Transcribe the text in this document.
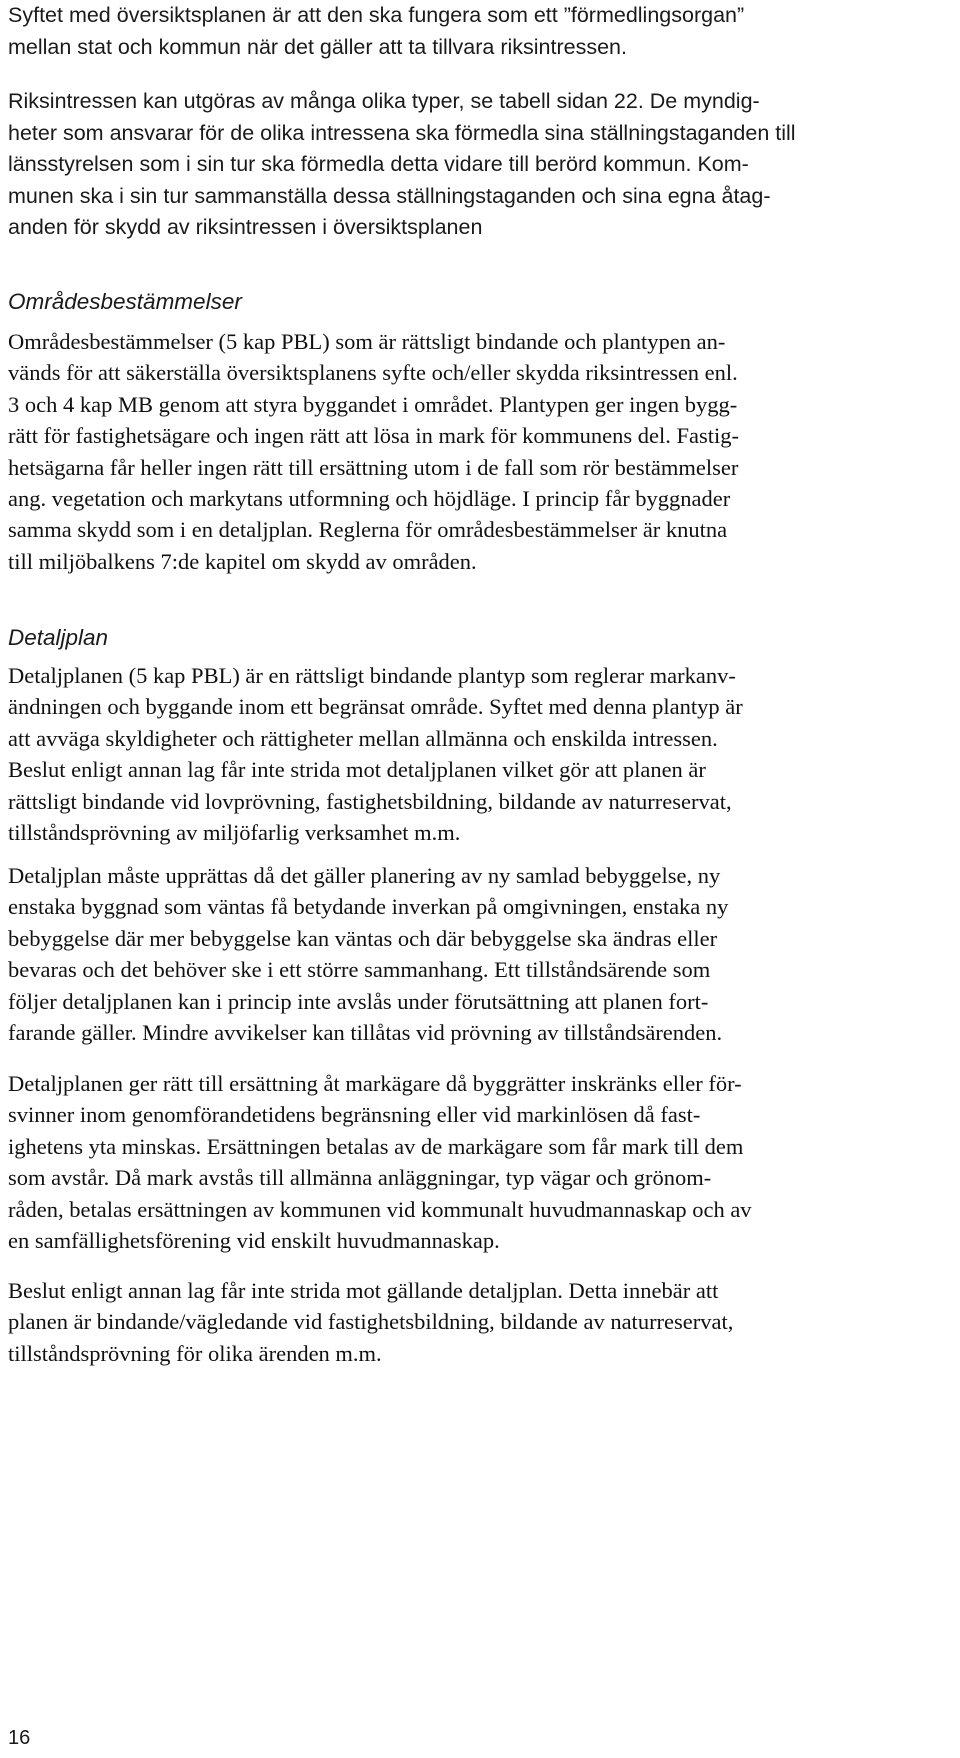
Syftet med översiktsplanen är att den ska fungera som ett ”förmedlingsorgan”
mellan stat och kommun när det gäller att ta tillvara riksintressen.
Riksintressen kan utgöras av många olika typer, se tabell sidan 22. De myndig-
heter som ansvarar för de olika intressena ska förmedla sina ställningstaganden till
länsstyrelsen som i sin tur ska förmedla detta vidare till berörd kommun. Kom-
munen ska i sin tur sammanställa dessa ställningstaganden och sina egna åtag-
anden för skydd av riksintressen i översiktsplanen
Områdesbestämmelser
Områdesbestämmelser (5 kap PBL) som är rättsligt bindande och plantypen an-
vänds för att säkerställa översiktsplanens syfte och/eller skydda riksintressen enl.
3 och 4 kap MB genom att styra byggandet i området. Plantypen ger ingen bygg-
rätt för fastighetsägare och ingen rätt att lösa in mark för kommunens del. Fastig-
hetsägarna får heller ingen rätt till ersättning utom i de fall som rör bestämmelser
ang. vegetation och markytans utformning och höjdläge. I princip får byggnader
samma skydd som i en detaljplan. Reglerna för områdesbestämmelser är knutna
till miljöbalkens 7:de kapitel om skydd av områden.
Detaljplan
Detaljplanen (5 kap PBL) är en rättsligt bindande plantyp som reglerar markanv-
ändningen och byggande inom ett begränsat område. Syftet med denna plantyp är
att avväga skyldigheter och rättigheter mellan allmänna och enskilda intressen.
Beslut enligt annan lag får inte strida mot detaljplanen vilket gör att planen är
rättsligt bindande vid lovprövning, fastighetsbildning, bildande av naturreservat,
tillståndsprövning av miljöfarlig verksamhet m.m.
Detaljplan måste upprättas då det gäller planering av ny samlad bebyggelse, ny
enstaka byggnad som väntas få betydande inverkan på omgivningen, enstaka ny
bebyggelse där mer bebyggelse kan väntas och där bebyggelse ska ändras eller
bevaras och det behöver ske i ett större sammanhang. Ett tillståndsärende som
följer detaljplanen kan i princip inte avslås under förutsättning att planen fort-
farande gäller. Mindre avvikelser kan tillåtas vid prövning av tillståndsärenden.
Detaljplanen ger rätt till ersättning åt markägare då byggrätter inskränks eller för-
svinner inom genomförandetidens begränsning eller vid markinlösen då fast-
ighetens yta minskas. Ersättningen betalas av de markägare som får mark till dem
som avstår. Då mark avstås till allmänna anläggningar, typ vägar och grönom-
råden, betalas ersättningen av kommunen vid kommunalt huvudmannaskap och av
en samfällighetsförening vid enskilt huvudmannaskap.
Beslut enligt annan lag får inte strida mot gällande detaljplan. Detta innebär att
planen är bindande/vägledande vid fastighetsbildning, bildande av naturreservat,
tillståndsprövning för olika ärenden m.m.
16
